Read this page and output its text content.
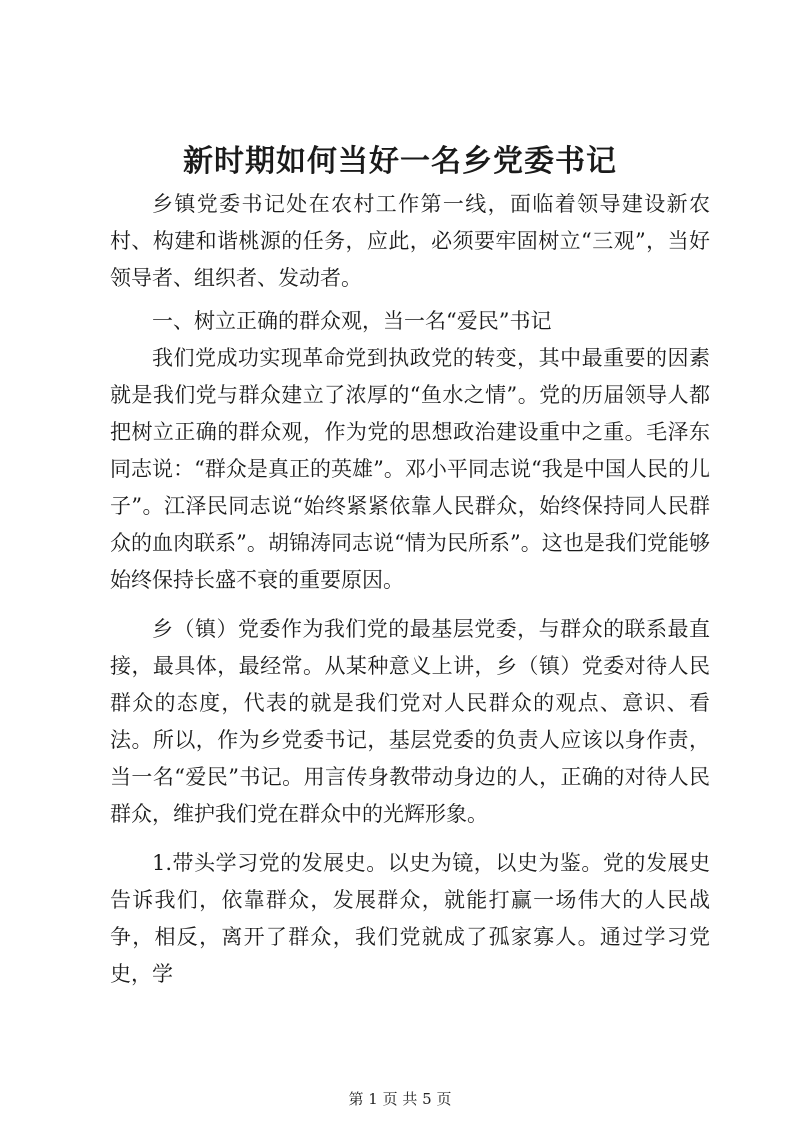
新时期如何当好一名乡党委书记

乡镇党委书记处在农村工作第一线，面临着领导建设新农村、构建和谐桃源的任务，应此，必须要牢固树立“三观”，当好领导者、组织者、发动者。

一、树立正确的群众观，当一名“爱民”书记

我们党成功实现革命党到执政党的转变，其中最重要的因素就是我们党与群众建立了浓厚的“鱼水之情”。党的历届领导人都把树立正确的群众观，作为党的思想政治建设重中之重。毛泽东同志说：“群众是真正的英雄”。邓小平同志说“我是中国人民的儿子”。江泽民同志说“始终紧紧依靠人民群众，始终保持同人民群众的血肉联系”。胡锦涛同志说“情为民所系”。这也是我们党能够始终保持长盛不衰的重要原因。

乡（镇）党委作为我们党的最基层党委，与群众的联系最直接，最具体，最经常。从某种意义上讲，乡（镇）党委对待人民群众的态度，代表的就是我们党对人民群众的观点、意识、看法。所以，作为乡党委书记，基层党委的负责人应该以身作责，当一名“爱民”书记。用言传身教带动身边的人，正确的对待人民群众，维护我们党在群众中的光辉形象。

1.带头学习党的发展史。以史为镜，以史为鉴。党的发展史告诉我们，依靠群众，发展群众，就能打赢一场伟大的人民战争，相反，离开了群众，我们党就成了孤家寡人。通过学习党史，学

第 1 页 共 5 页
